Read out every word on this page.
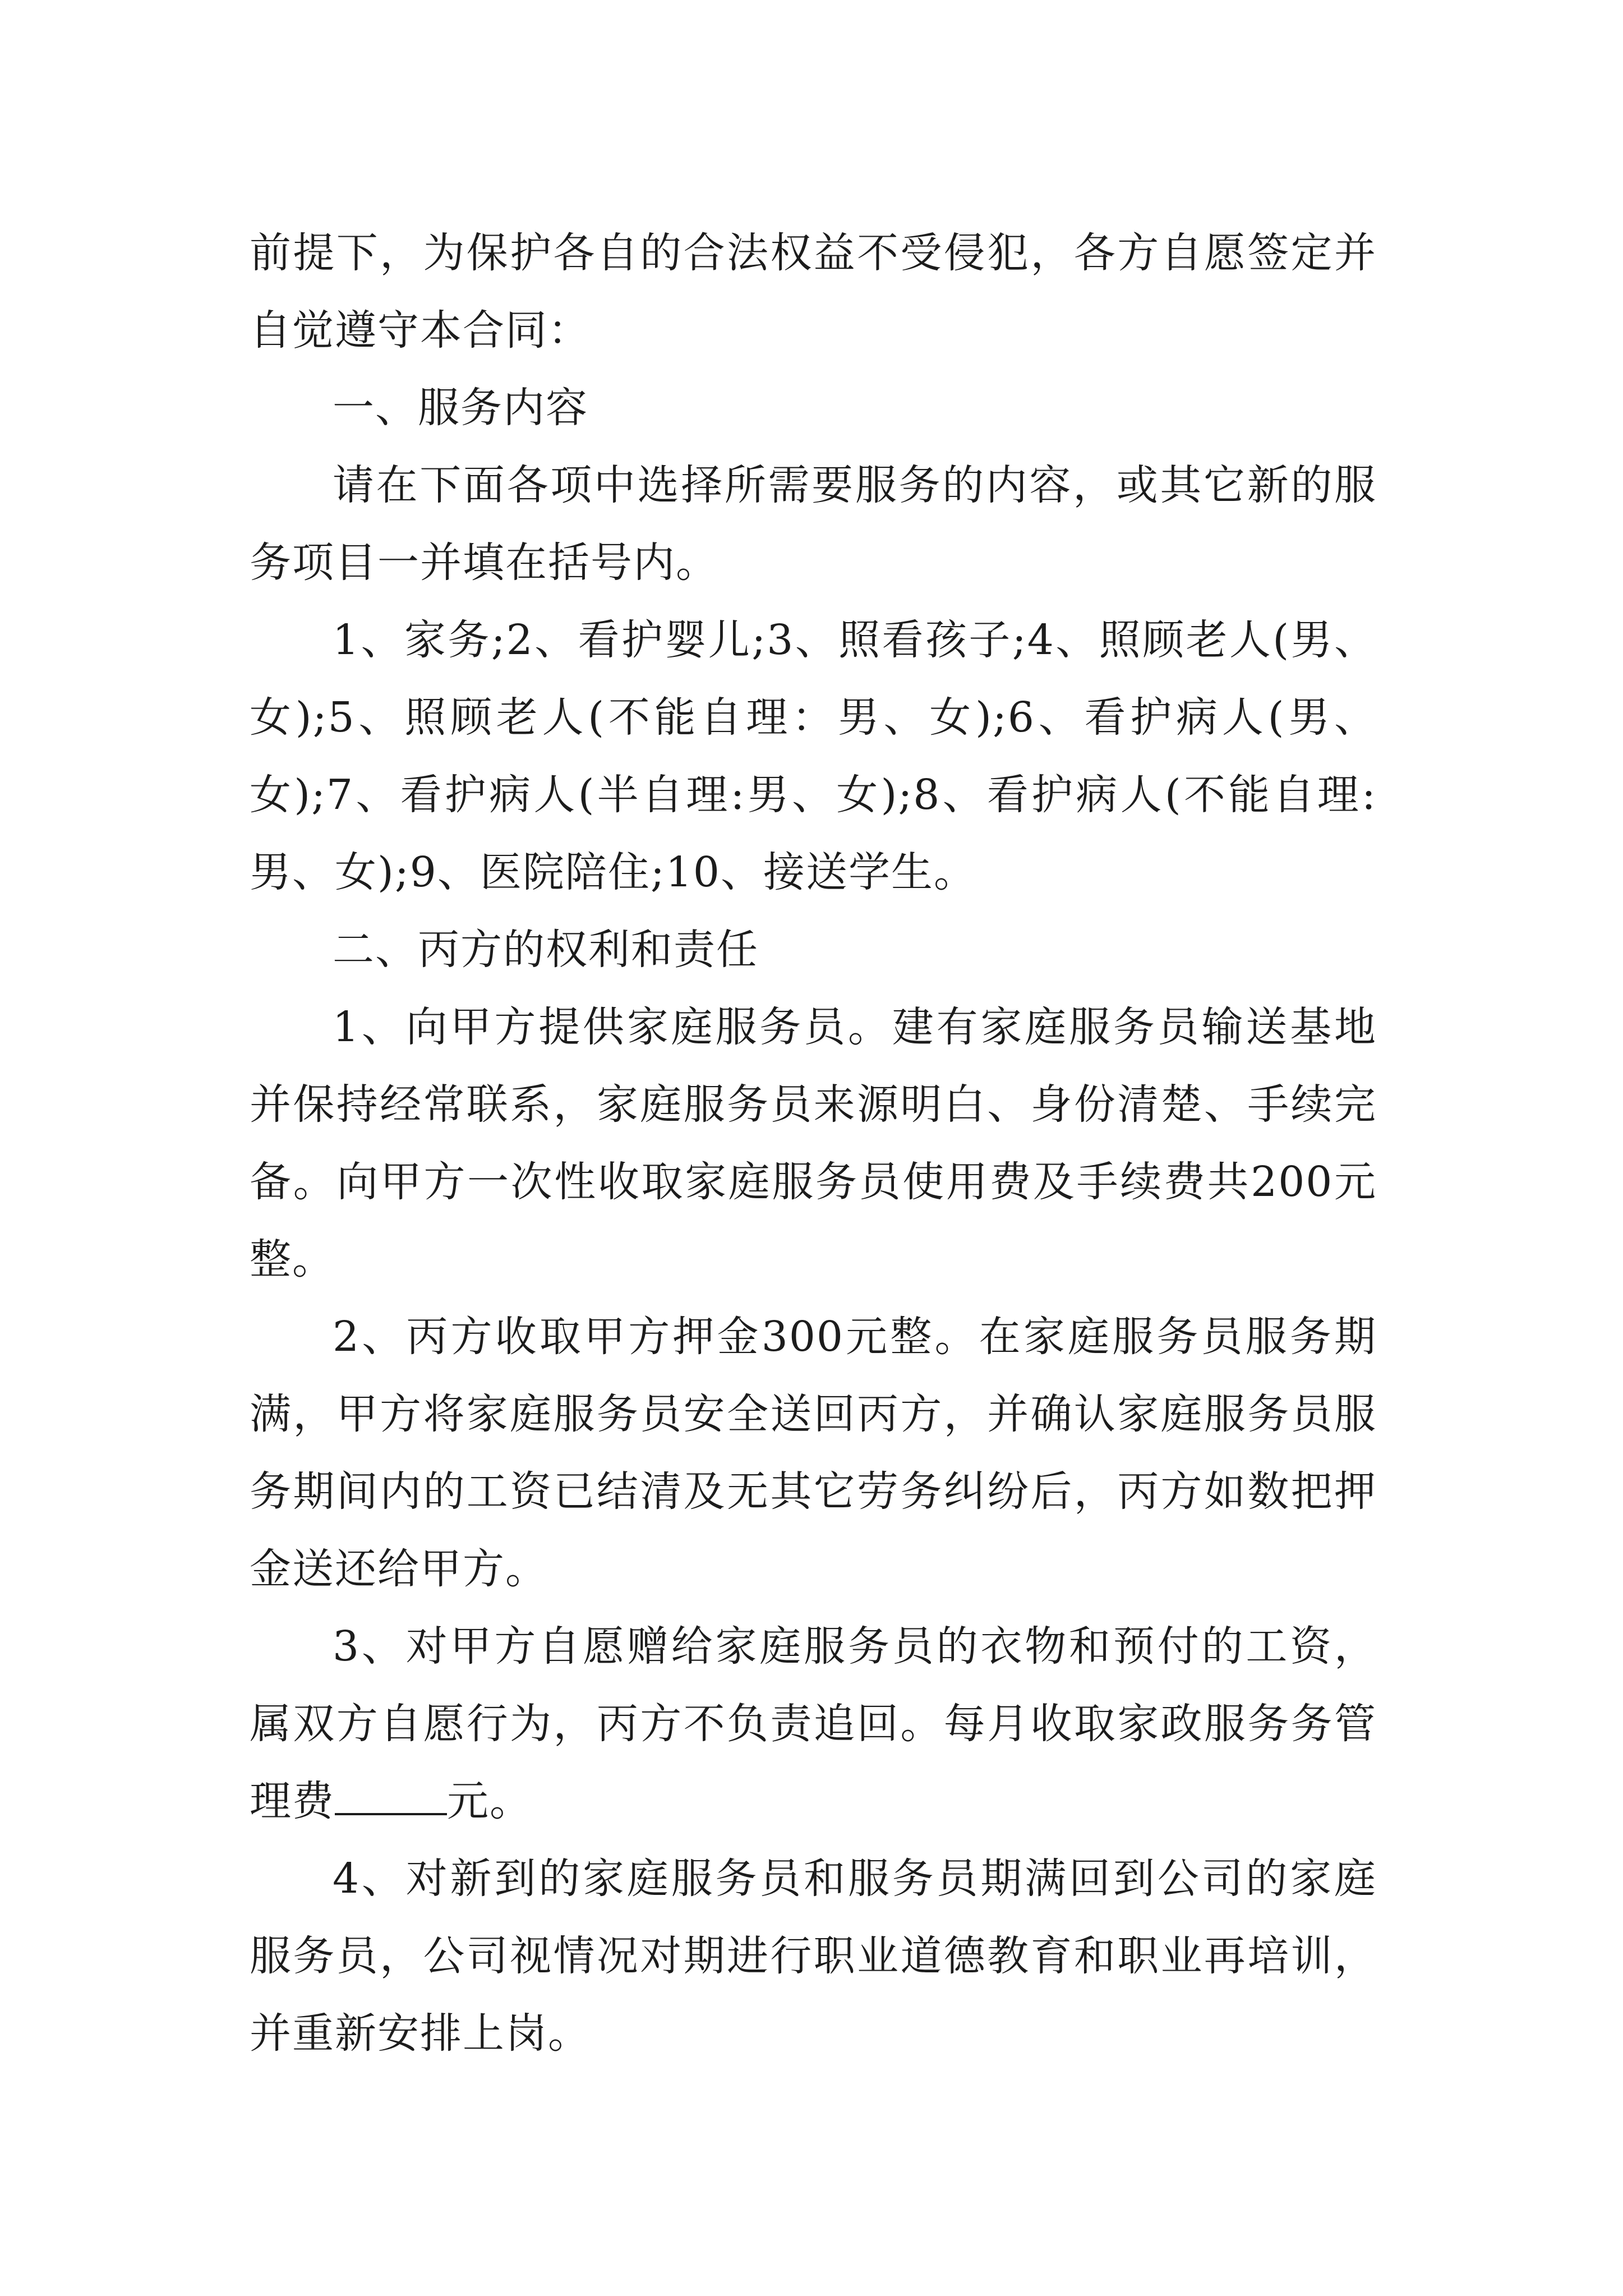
前提下，为保护各自的合法权益不受侵犯，各方自愿签定并自觉遵守本合同：

一、服务内容

请在下面各项中选择所需要服务的内容，或其它新的服务项目一并填在括号内。

1、家务;2、看护婴儿;3、照看孩子;4、照顾老人(男、女);5、照顾老人(不能自理：男、女);6、看护病人(男、女);7、看护病人(半自理:男、女);8、看护病人(不能自理:男、女);9、医院陪住;10、接送学生。

二、丙方的权利和责任

1、向甲方提供家庭服务员。建有家庭服务员输送基地并保持经常联系，家庭服务员来源明白、身份清楚、手续完备。向甲方一次性收取家庭服务员使用费及手续费共200元整。

2、丙方收取甲方押金300元整。在家庭服务员服务期满，甲方将家庭服务员安全送回丙方，并确认家庭服务员服务期间内的工资已结清及无其它劳务纠纷后，丙方如数把押金送还给甲方。

3、对甲方自愿赠给家庭服务员的衣物和预付的工资，属双方自愿行为，丙方不负责追回。每月收取家政服务务管理费	元。

4、对新到的家庭服务员和服务员期满回到公司的家庭服务员，公司视情况对期进行职业道德教育和职业再培训，并重新安排上岗。
